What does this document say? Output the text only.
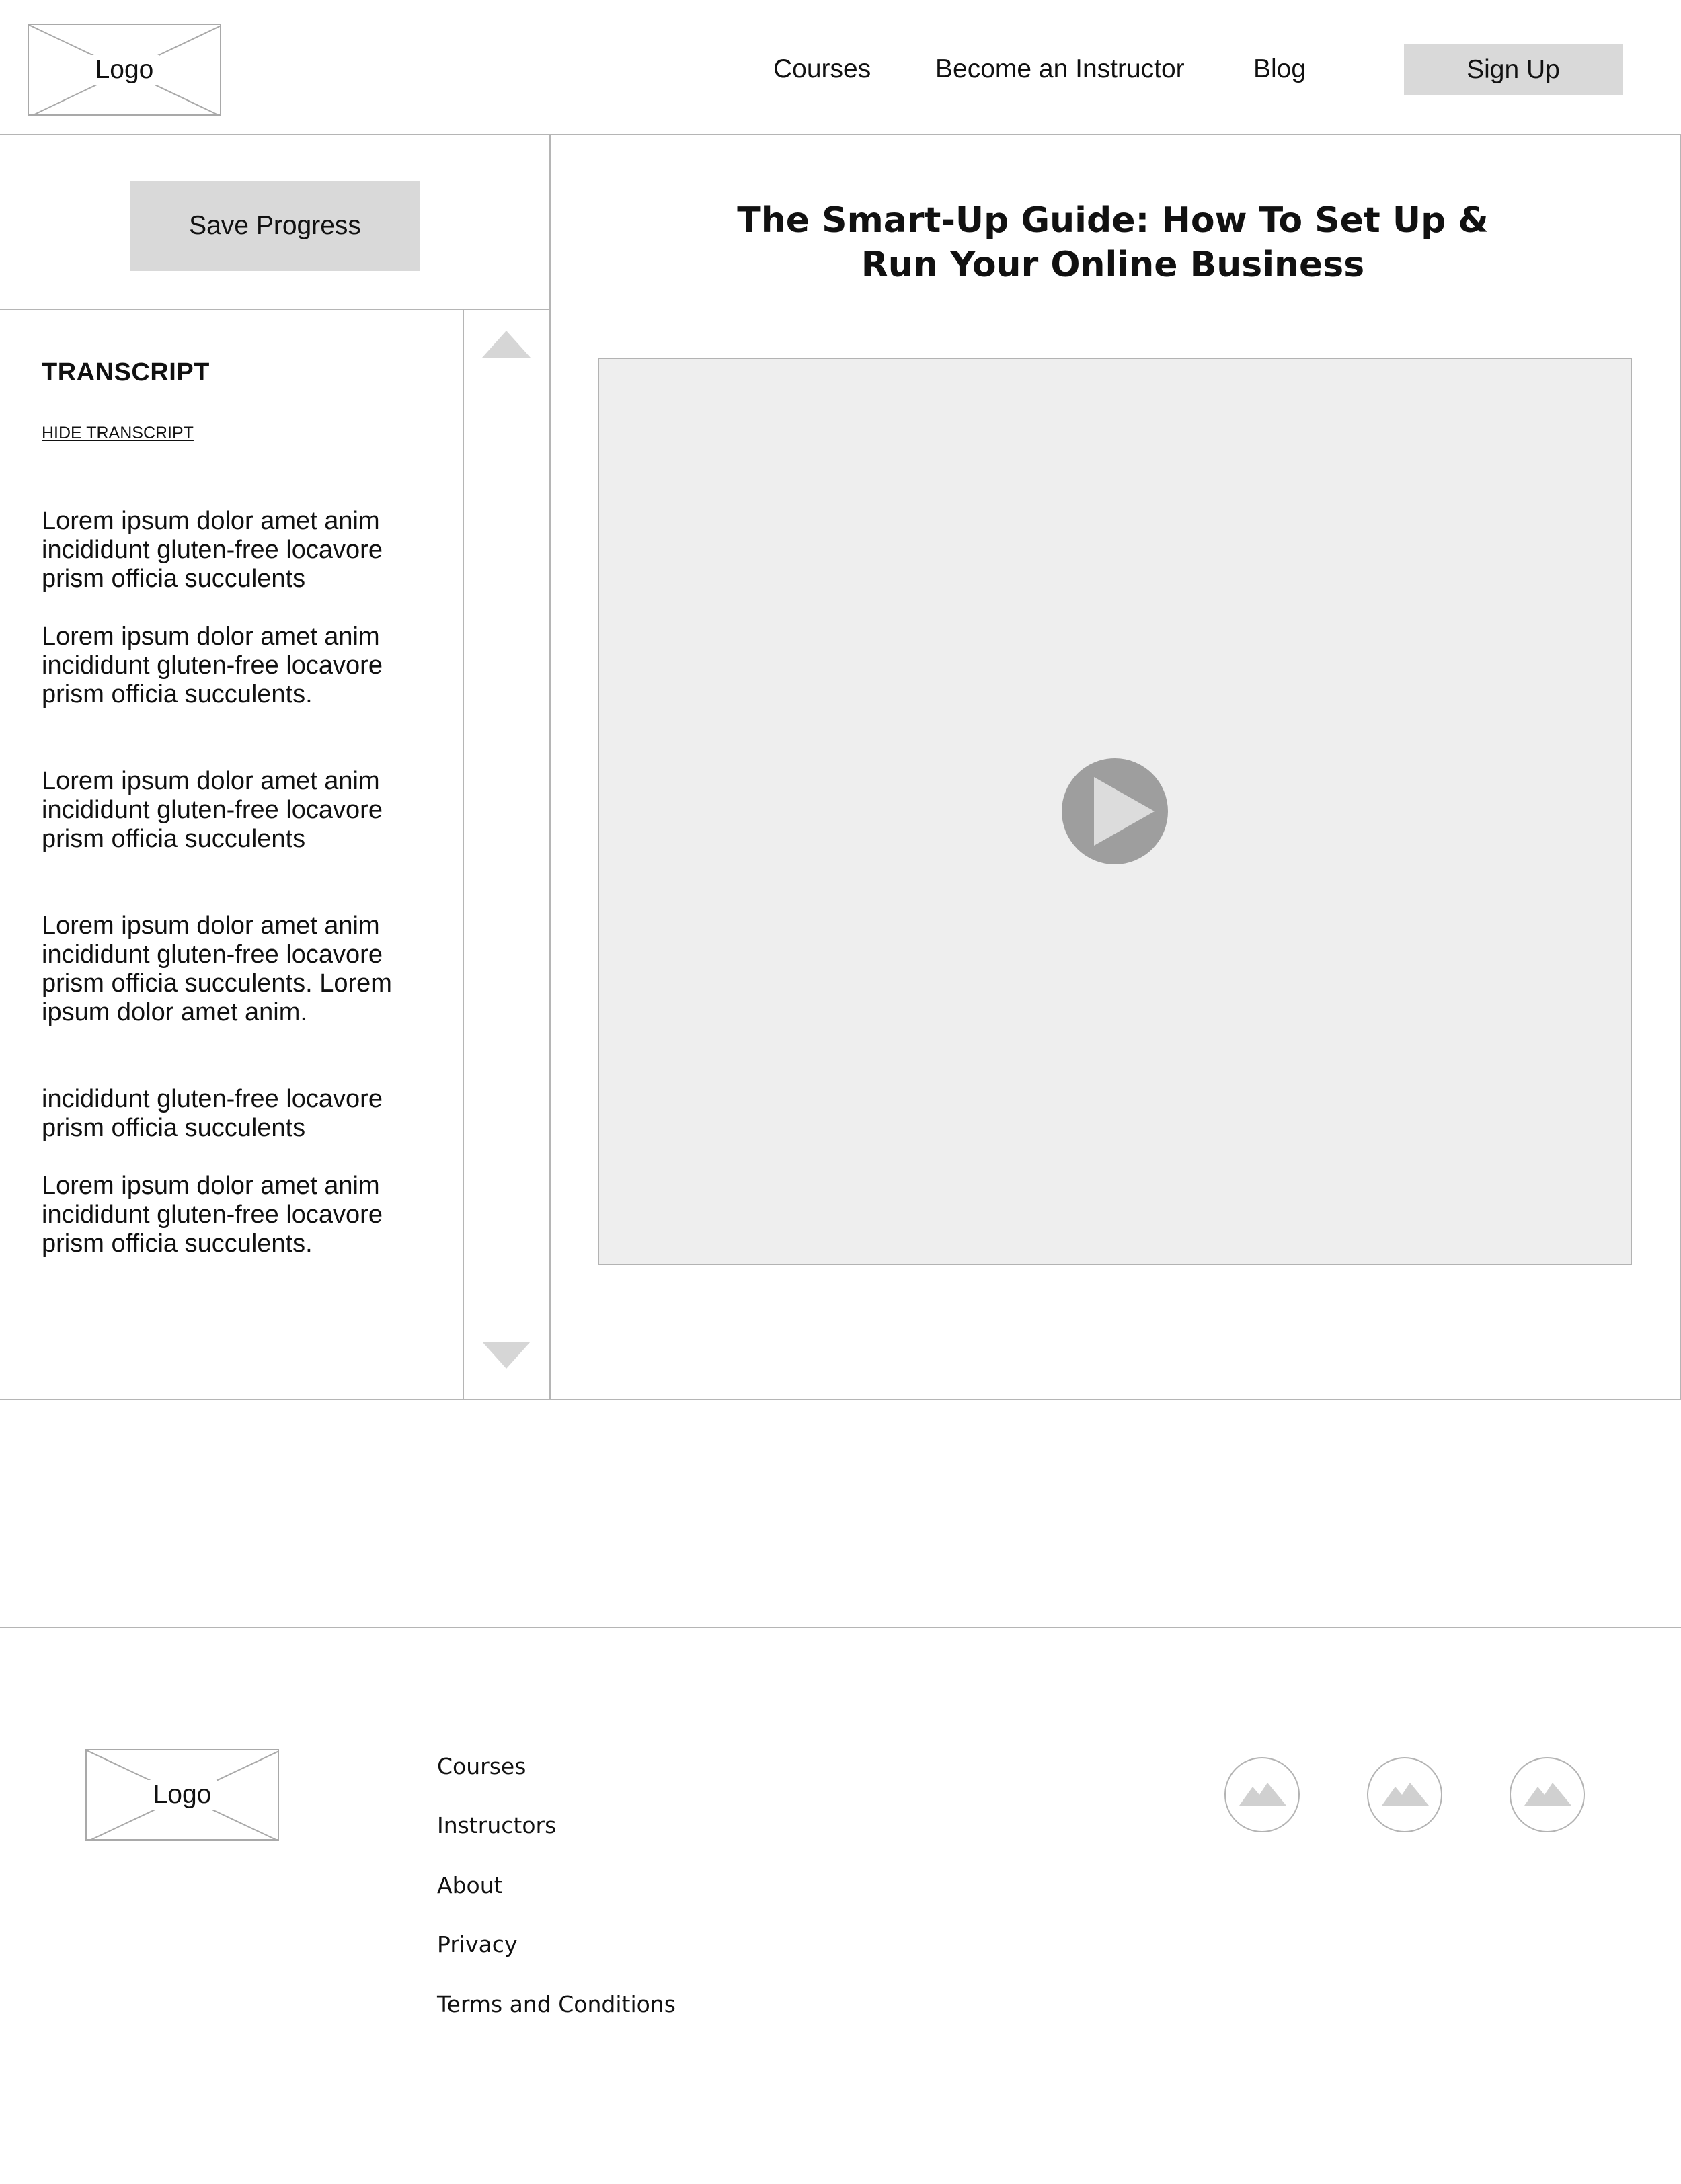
Logo	Courses Become an Instructor	Blog	Sign Up
Save Progress
TRANSCRIPT
HIDE TRANSCRIPT

Lorem ipsum dolor amet anim incididunt gluten-free locavore prism officia succulents

Lorem ipsum dolor amet anim incididunt gluten-free locavore prism officia succulents.

Lorem ipsum dolor amet anim incididunt gluten-free locavore prism officia succulents

Lorem ipsum dolor amet anim incididunt gluten-free locavore prism officia succulents. Lorem ipsum dolor amet anim.

incididunt gluten-free locavore prism officia succulents

Lorem ipsum dolor amet anim incididunt gluten-free locavore prism officia succulents.

The Smart-Up Guide: How To Set Up & Run Your Online Business
Logo
Courses
Instructors
About
Privacy
Terms and Conditions
